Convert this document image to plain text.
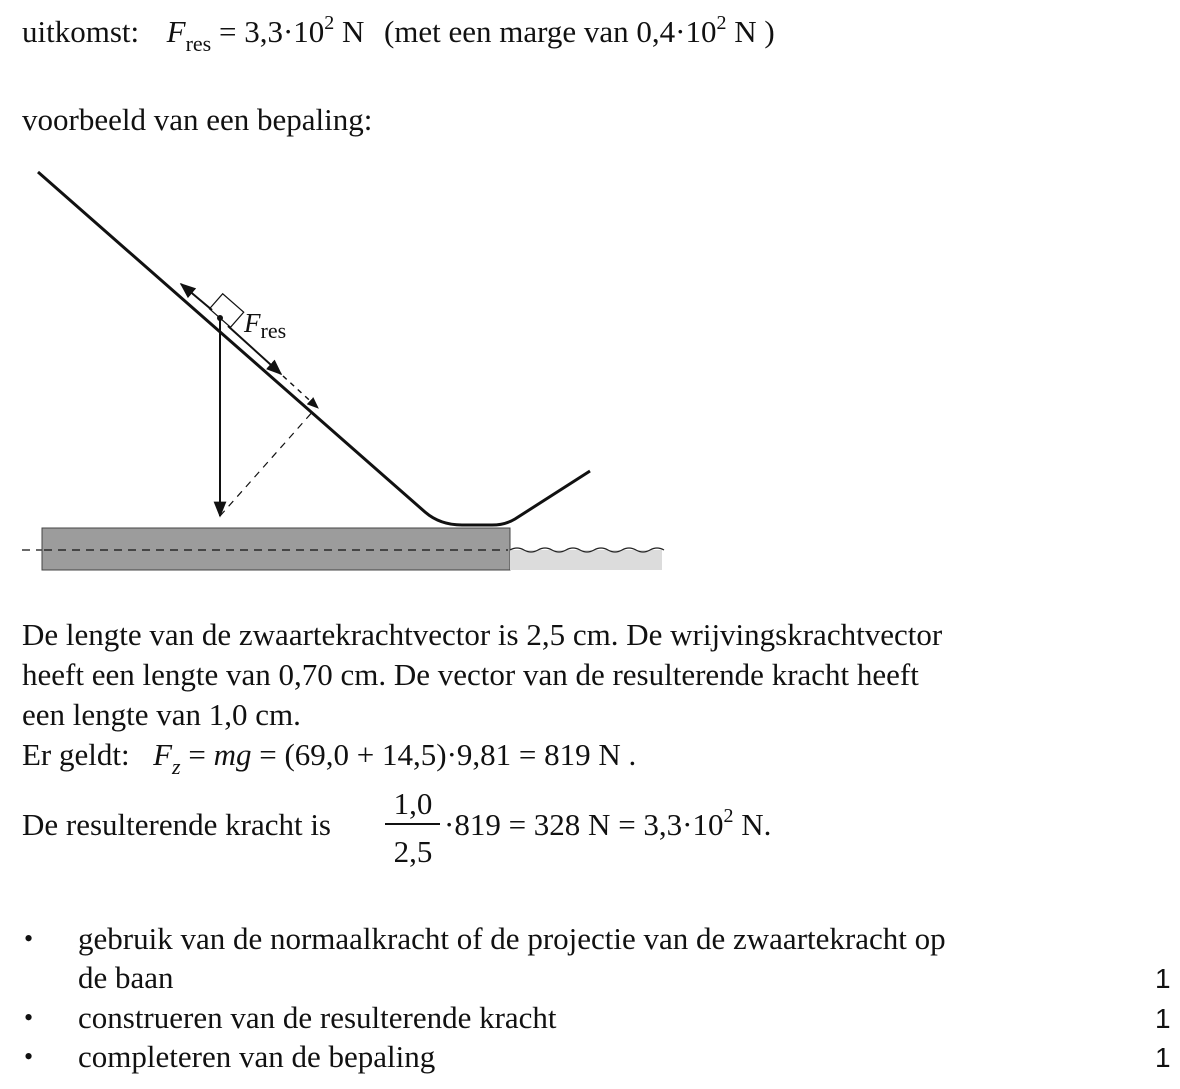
uitkomst: $F_{res} = 3,3\cdot 10^2$ N (met een marge van $0,4\cdot 10^2$ N )
voorbeeld van een bepaling:
$F_{res}$
De lengte van de zwaartekrachtvector is 2,5 cm. De wrijvingskrachtvector
heeft een lengte van 0,70 cm. De vector van de resulterende kracht heeft
een lengte van 1,0 cm.
Er geldt: $F_z$ = mg = (69,0 + 14,5)·9,81 = 819 N .
De resulterende kracht is
1,0
2,5
·819 = 328 $N = 3,3\cdot 10^2$ N.
• gebruik van de normaalkracht of de projectie van de zwaartekracht op
de baan	1
• construeren van de resulterende kracht	1
• completeren van de bepaling	1
